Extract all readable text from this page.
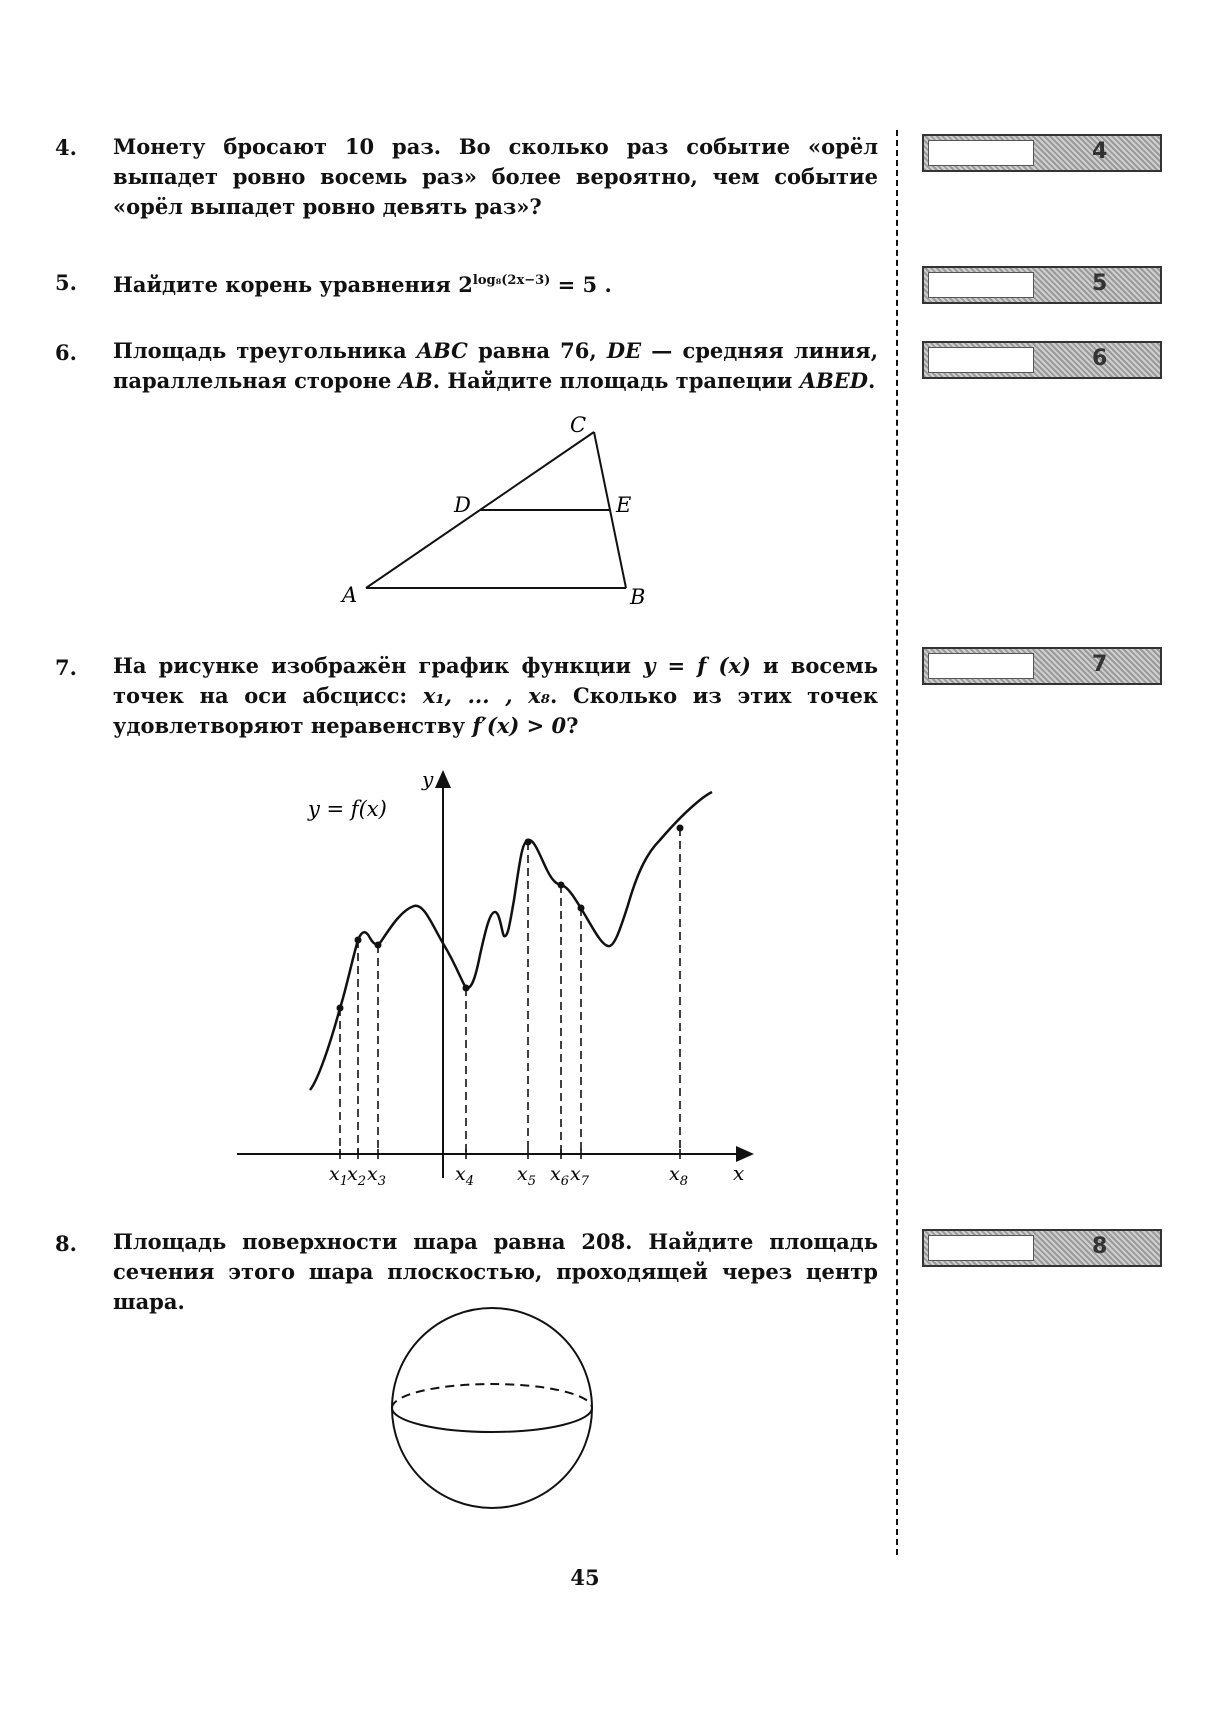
4. Монету бросают 10 раз. Во сколько раз событие «орёл выпадет ровно восемь раз» более вероятно, чем событие «орёл выпадет ровно девять раз»?
5. Найдите корень уравнения $2^{log_8(2x-3)} = 5$ .
6. Площадь треугольника ABC равна 76, DE — средняя линия, параллельная стороне AB. Найдите площадь трапеции ABED.
A	B
C
D	E
7. На рисунке изображён график функции y = f (x) и восемь точек на оси абсцисс: x₁, ... , x₈. Сколько из этих точек удовлетворяют неравенству f′(x) > 0?
y
x
y = f(x)
$x_1$ $x_2$ $x_3$	$x_4$ $x_5$ $x_6$ $x_7$	$x_8$
8. Площадь поверхности шара равна 208. Найдите площадь сечения этого шара плоскостью, проходящей через центр шара.
4
5
6
7
8
45
